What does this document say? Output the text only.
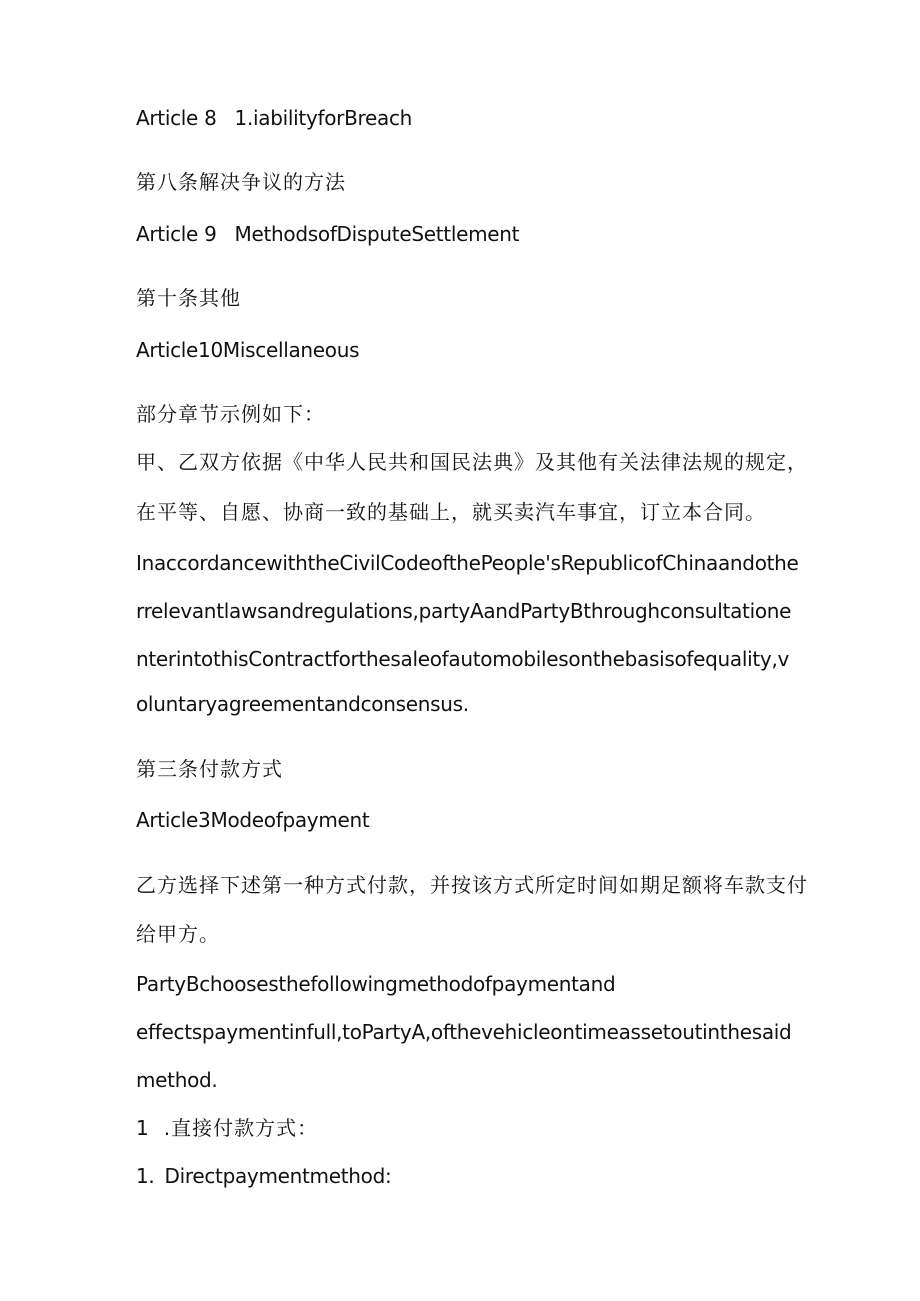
Article 8 1.iabilityforBreach
第八条解决争议的方法
Article 9 MethodsofDisputeSettlement
第十条其他
Article10Miscellaneous
部分章节示例如下：
甲、乙双方依据《中华人民共和国民法典》及其他有关法律法规的规定，
在平等、自愿、协商一致的基础上，就买卖汽车事宜，订立本合同。
InaccordancewiththeCivilCodeofthePeople'sRepublicofChinaandothe
rrelevantlawsandregulations,partyAandPartyBthroughconsultatione
nterintothisContractforthesaleofautomobilesonthebasisofequality,v
oluntaryagreementandconsensus.
第三条付款方式
Article3Modeofpayment
乙方选择下述第一种方式付款，并按该方式所定时间如期足额将车款支付
给甲方。
PartyBchoosesthefollowingmethodofpaymentand
effectspaymentinfull,toPartyA,ofthevehicleontimeassetoutinthesaid
method.
1 .直接付款方式：
1. Directpaymentmethod:
